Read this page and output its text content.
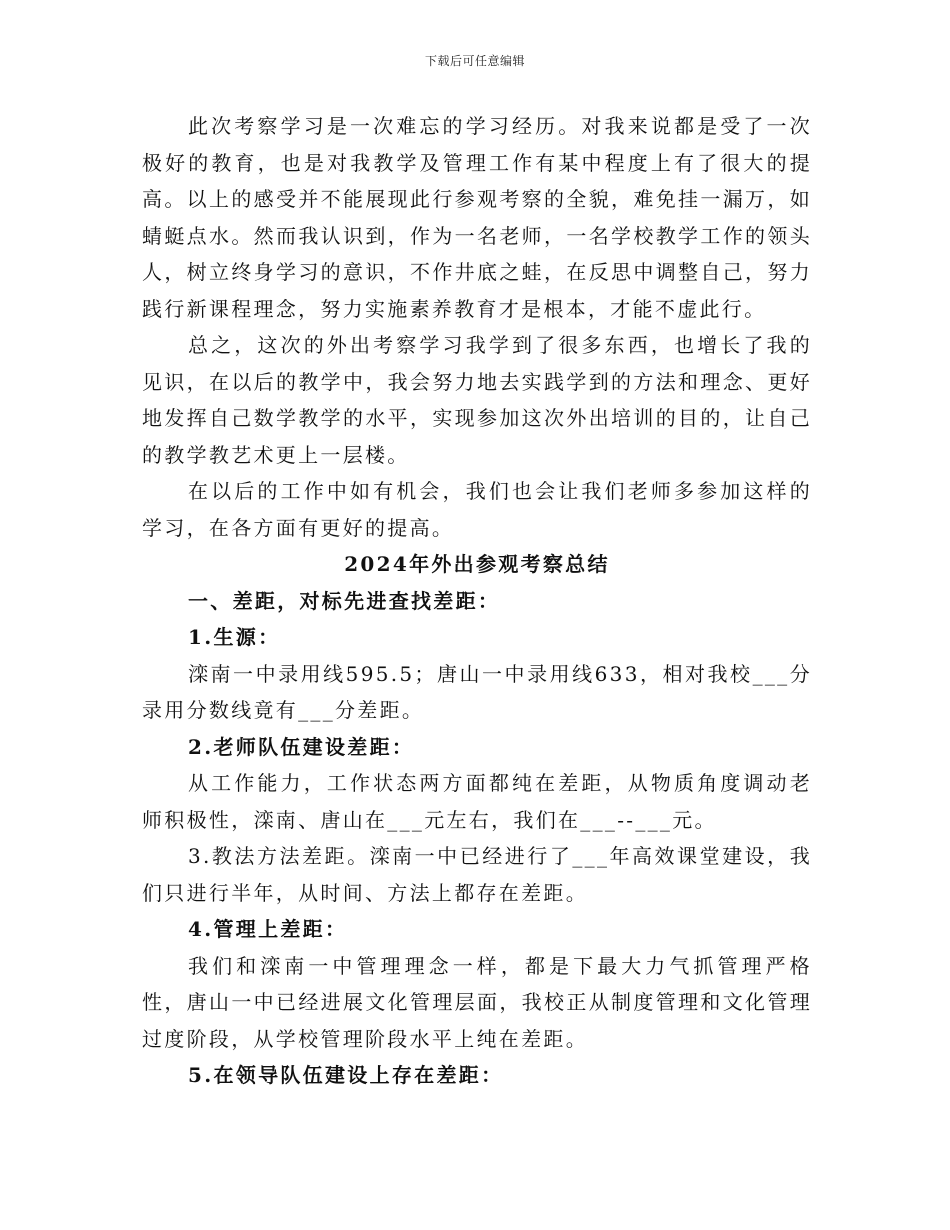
下载后可任意编辑

此次考察学习是一次难忘的学习经历。对我来说都是受了一次极好的教育，也是对我教学及管理工作有某中程度上有了很大的提高。以上的感受并不能展现此行参观考察的全貌，难免挂一漏万，如蜻蜓点水。然而我认识到，作为一名老师，一名学校教学工作的领头人，树立终身学习的意识，不作井底之蛙，在反思中调整自己，努力践行新课程理念，努力实施素养教育才是根本，才能不虚此行。

总之，这次的外出考察学习我学到了很多东西，也增长了我的见识，在以后的教学中，我会努力地去实践学到的方法和理念、更好地发挥自己数学教学的水平，实现参加这次外出培训的目的，让自己的教学教艺术更上一层楼。

在以后的工作中如有机会，我们也会让我们老师多参加这样的学习，在各方面有更好的提高。

2024年外出参观考察总结

一、差距，对标先进查找差距：

1.生源：

滦南一中录用线595.5；唐山一中录用线633，相对我校___分录用分数线竟有___分差距。

2.老师队伍建设差距：

从工作能力，工作状态两方面都纯在差距，从物质角度调动老师积极性，滦南、唐山在___元左右，我们在___--___元。

3.教法方法差距。滦南一中已经进行了___年高效课堂建设，我们只进行半年，从时间、方法上都存在差距。

4.管理上差距：

我们和滦南一中管理理念一样，都是下最大力气抓管理严格性，唐山一中已经进展文化管理层面，我校正从制度管理和文化管理过度阶段，从学校管理阶段水平上纯在差距。

5.在领导队伍建设上存在差距：
